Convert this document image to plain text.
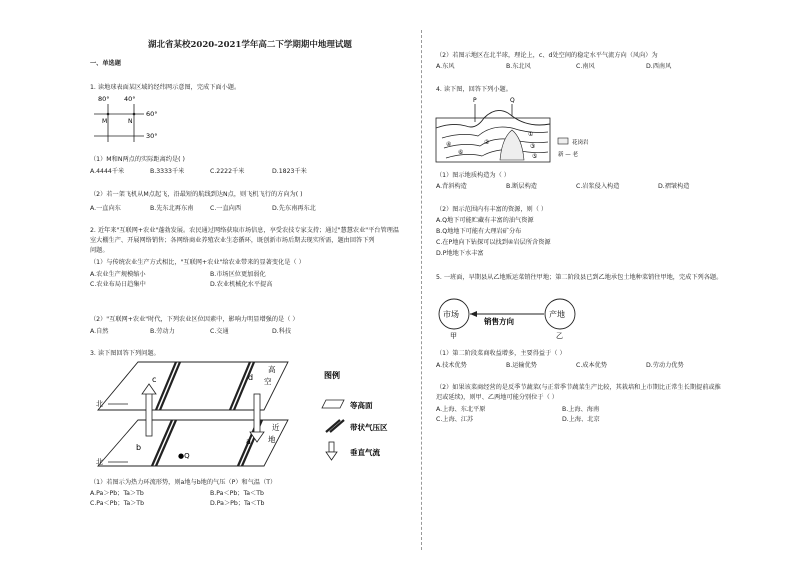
湖北省某校2020-2021学年高二下学期期中地理试题
一、单选题
1. 读地球表面某区域的经纬网示意图，完成下面小题。
80° 40°
M	N
60°
30°
（1）M和N两点的实际距离约是( )
A.4444千米	B.3333千米	C.2222千米	D.1823千米
（2）若一架飞机从M点起飞，沿最短的航线到达N点，则飞机飞行的方向为( )
A.一直向东	B.先东北再东南	C.一直向西	D.先东南再东北
2. 近年来"互联网+农业"蓬勃发展。农民通过网络获取市场信息，享受农技专家支持；通过"慧慧农业"平台管理温
室大棚生产、开展网络销售；各网络商业养殖农业生态循环，既创新市场后期去现实所需，题由回答下列
问题。
（1）与传统农业生产方式相比，"互联网+农业"给农业带来的显著变化是（ ）
A.农业生产规模缩小	B.市场区位更加弱化
C.农业布局日趋集中	D.农业机械化水平提高
（2）"互联网+农业"时代，下列农业区位因素中，影响力明显增强的是（ ）
A.自然	B.劳动力	C.交通	D.科技
3. 读下图回答下列问题。
北
北
c	d
a
b
●Q
高
空
近
地
图例
等高面
带状气压区
垂直气流
（1）若图示为热力环流形势，则a地与b地的气压（P）和气温（T）
A.Pa＞Pb；Ta＞Tb	B.Pa＜Pb；Ta＜Tb
C.Pa＜Pb；Ta＞Tb	D.Pa＞Pb；Ta＜Tb
（2）若图示地区在北半球，理论上，c、d处空间的稳定水平气流方向（风向）为
A.东风	B.东北风	C.南风	D.西南风
4. 读下图，回答下列小题。
P	Q
④
⑥
②
①
③
⑤
花岗岩
新 — 老
（1）图示地质构造为（ ）
A.背斜构造	B.断层构造	C.岩浆侵入构造	D.褶皱构造
（2）图示范围内有丰富的资源，则（ ）
A.Q地下可能贮藏有丰富的油气资源
B.Q地地下可能有大理岩矿分布
C.在P地向下钻探可以找到④岩层所含资源
D.P地地下水丰富
5. 一班面，早期县从乙地贩运菜销往甲地；第二阶段县已到乙地承包土地种菜销往甲地，完成下列各题。
市场	产地
销售方向
甲	乙
（1）第二阶段菜商收益增多，主要得益于（ ）
A.技术优势	B.运输优势	C.成本优势	D.劳动力优势
（2）如果该菜商经营的是反季节蔬菜(与正常季节蔬菜生产比较，其栽培和上市期比正常生长期提前或推
迟或延续)，则甲、乙两地可能分别位于（ ）
A.上海、东北平原	B.上海、海南
C.上海、江苏	D.上海、北京
